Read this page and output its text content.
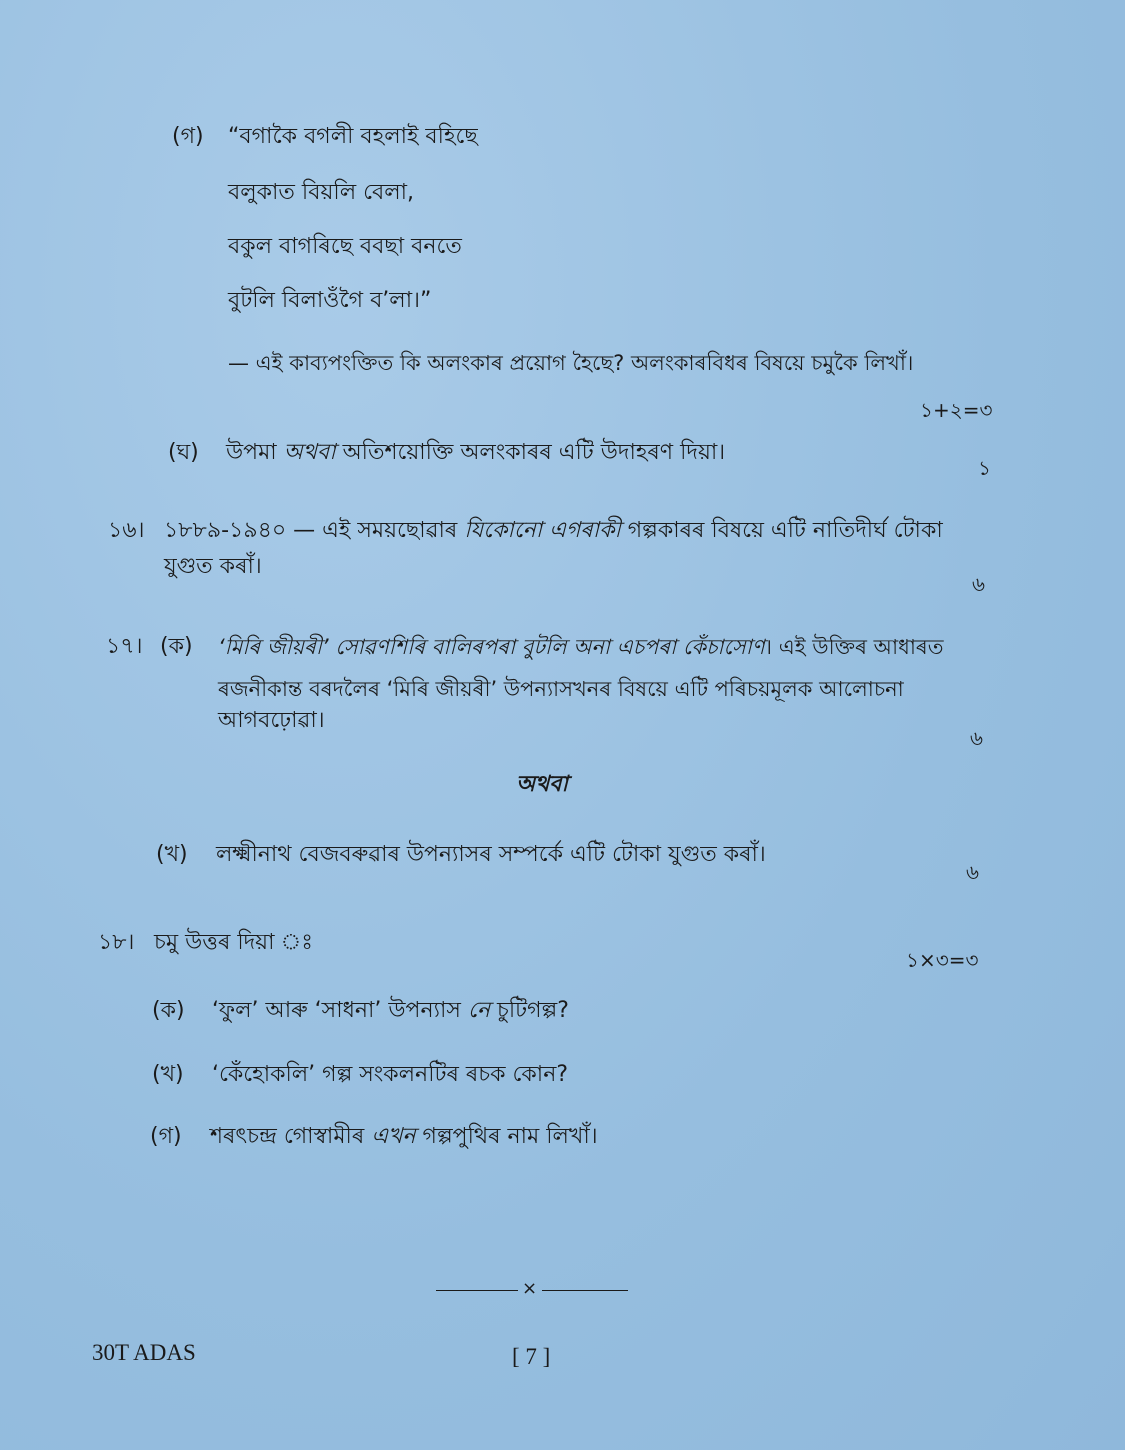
(গ) “বগাকৈ বগলী বহলাই বহিছে
বলুকাত বিয়লি বেলা,
বকুল বাগৰিছে ববছা বনতে
বুটলি বিলাওঁগৈ ব’লা।”
— এই কাব্যপংক্তিত কি অলংকাৰ প্ৰয়োগ হৈছে? অলংকাৰবিধৰ বিষয়ে চমুকৈ লিখাঁ।
১+২=৩
(ঘ) উপমা অথবা অতিশয়োক্তি অলংকাৰৰ এটি উদাহৰণ দিয়া।
১
১৬। ১৮৮৯-১৯৪০ — এই সময়ছোৱাৰ যিকোনো এগৰাকী গল্পকাৰৰ বিষয়ে এটি নাতিদীৰ্ঘ টোকা
যুগুত কৰাঁ।
৬
১৭। (ক) ‘মিৰি জীয়ৰী’ সোৱণশিৰি বালিৰপৰা বুটলি অনা এচপৰা কেঁচাসোণ। এই উক্তিৰ আধাৰত
ৰজনীকান্ত বৰদলৈৰ ‘মিৰি জীয়ৰী’ উপন্যাসখনৰ বিষয়ে এটি পৰিচয়মূলক আলোচনা
আগবঢ়োৱা।
৬
অথবা
(খ) লক্ষ্মীনাথ বেজবৰুৱাৰ উপন্যাসৰ সম্পৰ্কে এটি টোকা যুগুত কৰাঁ।
৬
১৮। চমু উত্তৰ দিয়া ঃ
১×৩=৩
(ক) ‘ফুল’ আৰু ‘সাধনা’ উপন্যাস নে চুটিগল্প?
(খ) ‘কেঁহোকলি’ গল্প সংকলনটিৰ ৰচক কোন?
(গ) শৰৎচন্দ্ৰ গোস্বামীৰ এখন গল্পপুথিৰ নাম লিখাঁ।
×
30T ADAS	[ 7 ]
